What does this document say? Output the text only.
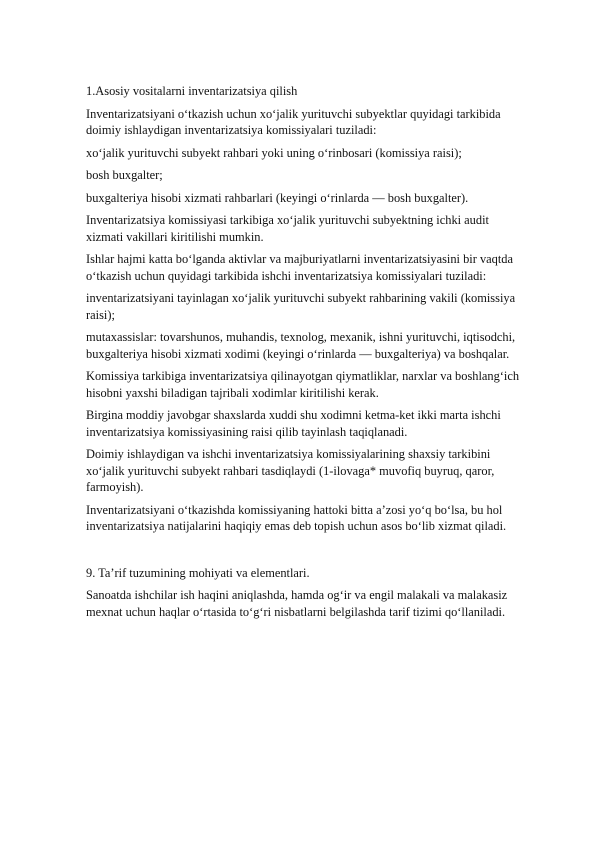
1.Asosiy vositalarni inventarizatsiya qilish
Inventarizatsiyani o‘tkazish uchun xo‘jalik yurituvchi subyektlar quyidagi tarkibida doimiy ishlaydigan inventarizatsiya komissiyalari tuziladi:
xo‘jalik yurituvchi subyekt rahbari yoki uning o‘rinbosari (komissiya raisi);
bosh buxgalter;
buxgalteriya hisobi xizmati rahbarlari (keyingi o‘rinlarda — bosh buxgalter).
Inventarizatsiya komissiyasi tarkibiga xo‘jalik yurituvchi subyektning ichki audit xizmati vakillari kiritilishi mumkin.
Ishlar hajmi katta bo‘lganda aktivlar va majburiyatlarni inventarizatsiyasini bir vaqtda o‘tkazish uchun quyidagi tarkibida ishchi inventarizatsiya komissiyalari tuziladi:
inventarizatsiyani tayinlagan xo‘jalik yurituvchi subyekt rahbarining vakili (komissiya raisi);
mutaxassislar: tovarshunos, muhandis, texnolog, mexanik, ishni yurituvchi, iqtisodchi, buxgalteriya hisobi xizmati xodimi (keyingi o‘rinlarda — buxgalteriya) va boshqalar.
Komissiya tarkibiga inventarizatsiya qilinayotgan qiymatliklar, narxlar va boshlang‘ich hisobni yaxshi biladigan tajribali xodimlar kiritilishi kerak.
Birgina moddiy javobgar shaxslarda xuddi shu xodimni ketma-ket ikki marta ishchi inventarizatsiya komissiyasining raisi qilib tayinlash taqiqlanadi.
Doimiy ishlaydigan va ishchi inventarizatsiya komissiyalarining shaxsiy tarkibini xo‘jalik yurituvchi subyekt rahbari tasdiqlaydi (1-ilovaga* muvofiq buyruq, qaror, farmoyish).
Inventarizatsiyani o‘tkazishda komissiyaning hattoki bitta a’zosi yo‘q bo‘lsa, bu hol inventarizatsiya natijalarini haqiqiy emas deb topish uchun asos bo‘lib xizmat qiladi.
9. Ta’rif tuzumining mohiyati va elementlari.
Sanoatda ishchilar ish haqini aniqlashda, hamda og‘ir va engil malakali va malakasiz mexnat uchun haqlar o‘rtasida to‘g‘ri nisbatlarni belgilashda tarif tizimi qo‘llaniladi.
